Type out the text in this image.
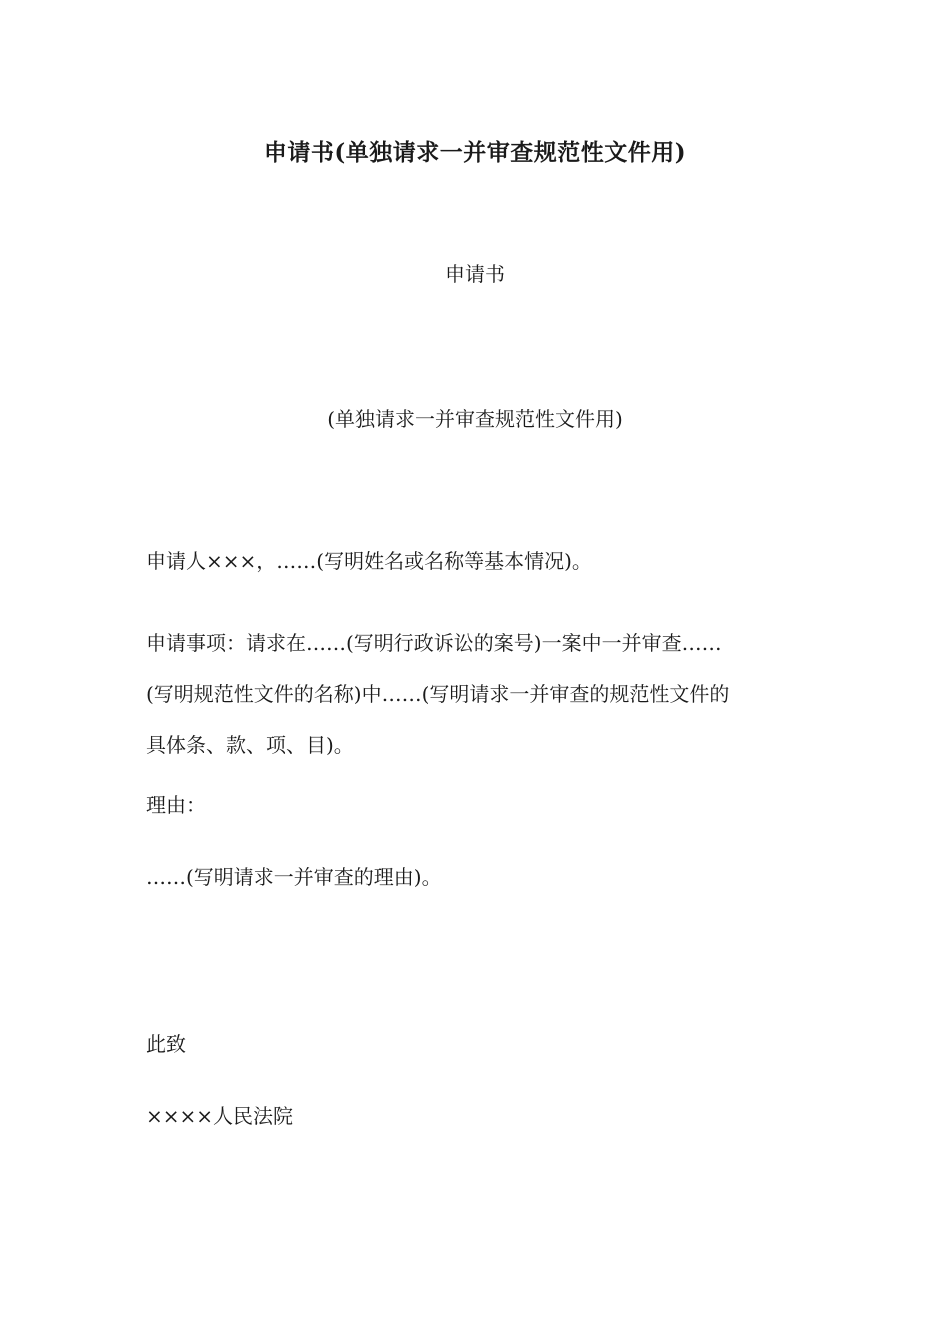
申请书(单独请求一并审查规范性文件用)
申请书
(单独请求一并审查规范性文件用)
申请人×××，……(写明姓名或名称等基本情况)。
申请事项：请求在……(写明行政诉讼的案号)一案中一并审查……
(写明规范性文件的名称)中……(写明请求一并审查的规范性文件的
具体条、款、项、目)。
理由：
……(写明请求一并审查的理由)。
此致
××××人民法院
